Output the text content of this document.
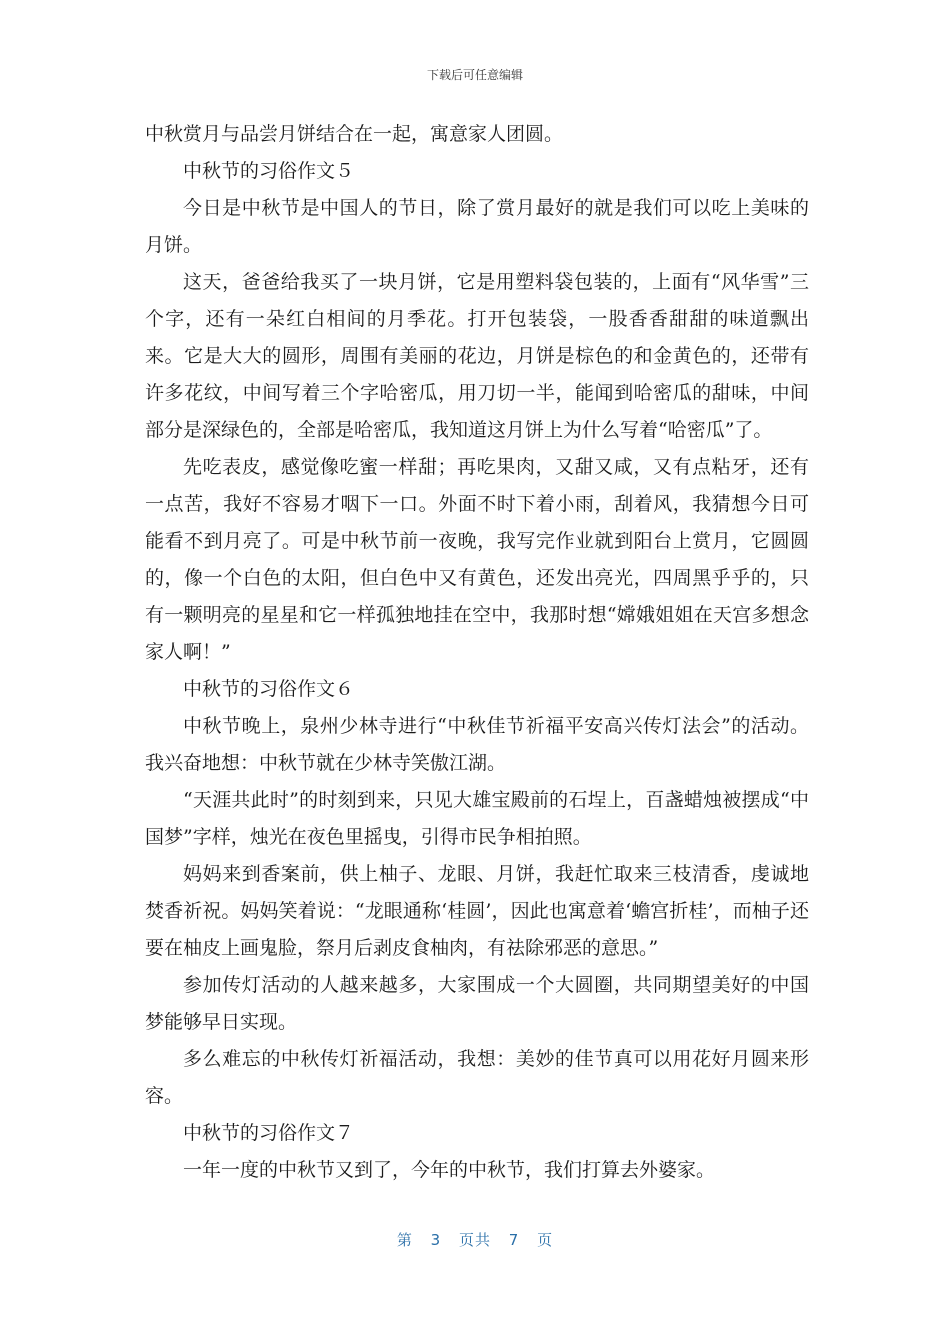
下载后可任意编辑

中秋赏月与品尝月饼结合在一起，寓意家人团圆。

中秋节的习俗作文５

今日是中秋节是中国人的节日，除了赏月最好的就是我们可以吃上美味的月饼。

这天，爸爸给我买了一块月饼，它是用塑料袋包装的，上面有“风华雪”三个字，还有一朵红白相间的月季花。打开包装袋，一股香香甜甜的味道飘出来。它是大大的圆形，周围有美丽的花边，月饼是棕色的和金黄色的，还带有许多花纹，中间写着三个字哈密瓜，用刀切一半，能闻到哈密瓜的甜味，中间部分是深绿色的，全部是哈密瓜，我知道这月饼上为什么写着“哈密瓜”了。

先吃表皮，感觉像吃蜜一样甜；再吃果肉，又甜又咸，又有点粘牙，还有一点苦，我好不容易才咽下一口。外面不时下着小雨，刮着风，我猜想今日可能看不到月亮了。可是中秋节前一夜晚，我写完作业就到阳台上赏月，它圆圆的，像一个白色的太阳，但白色中又有黄色，还发出亮光，四周黑乎乎的，只有一颗明亮的星星和它一样孤独地挂在空中，我那时想“嫦娥姐姐在天宫多想念家人啊！”

中秋节的习俗作文６

中秋节晚上，泉州少林寺进行“中秋佳节祈福平安高兴传灯法会”的活动。我兴奋地想：中秋节就在少林寺笑傲江湖。

“天涯共此时”的时刻到来，只见大雄宝殿前的石埕上，百盏蜡烛被摆成“中国梦”字样，烛光在夜色里摇曳，引得市民争相拍照。

妈妈来到香案前，供上柚子、龙眼、月饼，我赶忙取来三枝清香，虔诚地焚香祈祝。妈妈笑着说：“龙眼通称‘桂圆’，因此也寓意着‘蟾宫折桂’，而柚子还要在柚皮上画鬼脸，祭月后剥皮食柚肉，有祛除邪恶的意思。”

参加传灯活动的人越来越多，大家围成一个大圆圈，共同期望美好的中国梦能够早日实现。

多么难忘的中秋传灯祈福活动，我想：美妙的佳节真可以用花好月圆来形容。

中秋节的习俗作文７

一年一度的中秋节又到了，今年的中秋节，我们打算去外婆家。

第 3 页共 7 页
